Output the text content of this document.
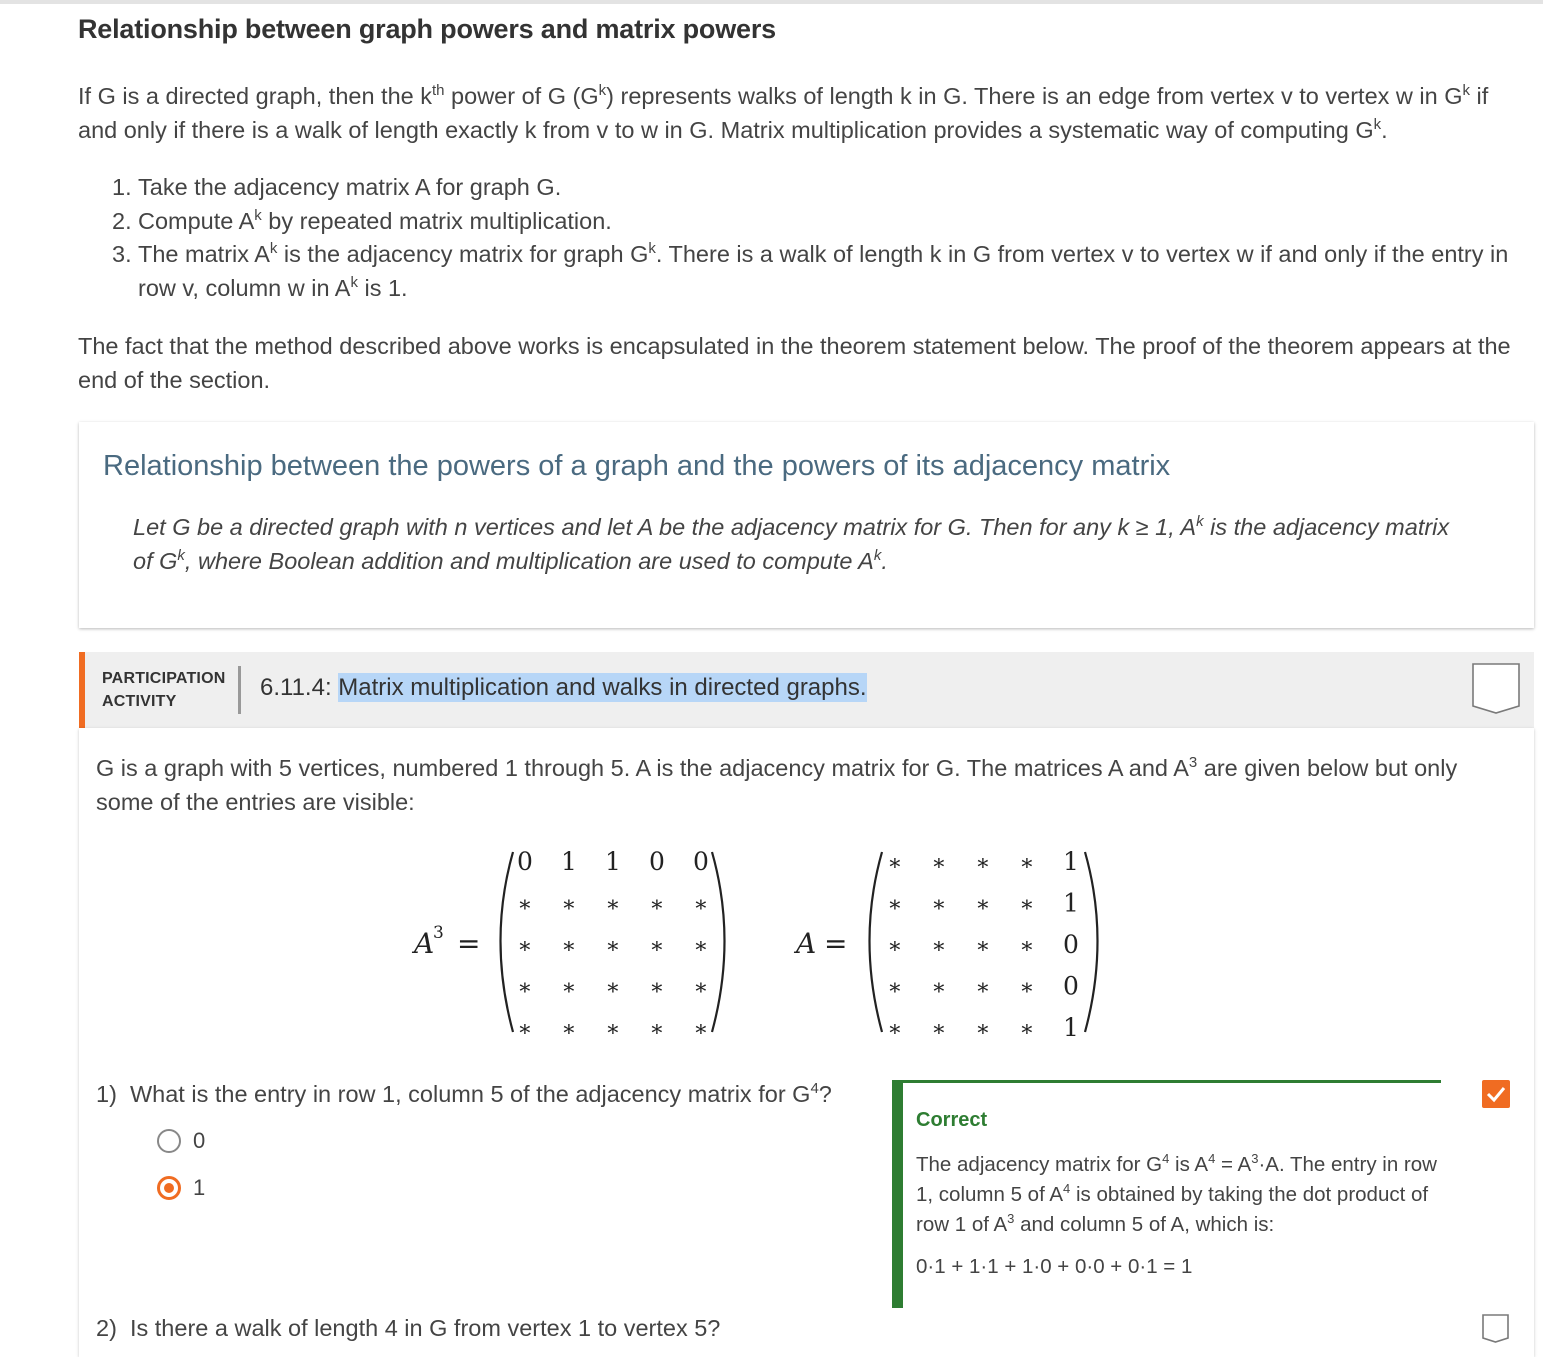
Relationship between graph powers and matrix powers
If G is a directed graph, then the $k^{th}$ power of G $(G^k)$ represents walks of length k in G. There is an edge from vertex v to vertex w in $G^k$ if and only if there is a walk of length exactly k from v to w in G. Matrix multiplication provides a systematic way of computing $G^k$.
1. Take the adjacency matrix A for graph G.
2. Compute $A^k$ by repeated matrix multiplication.
3. The matrix $A^k$ is the adjacency matrix for graph $G^k$. There is a walk of length k in G from vertex v to vertex w if and only if the entry in row v, column w in $A^k$ is 1.
The fact that the method described above works is encapsulated in the theorem statement below. The proof of the theorem appears at the end of the section.
Relationship between the powers of a graph and the powers of its adjacency matrix
Let G be a directed graph with n vertices and let A be the adjacency matrix for G. Then for any k ≥ 1, $A^k$ is the adjacency matrix of $G^k$, where Boolean addition and multiplication are used to compute $A^k$.
PARTICIPATION
ACTIVITY
6.11.4: Matrix multiplication and walks in directed graphs.
G is a graph with 5 vertices, numbered 1 through 5. A is the adjacency matrix for G. The matrices A and $A^3$ are given below but only some of the entries are visible:
A
3 =
0 1 1 0 0
∗ ∗ ∗ ∗ ∗
∗ ∗ ∗ ∗ ∗
∗ ∗ ∗ ∗ ∗
∗ ∗ ∗ ∗ ∗
A =
∗ ∗ ∗ ∗ 1
∗ ∗ ∗ ∗ 1
∗ ∗ ∗ ∗ 0
∗ ∗ ∗ ∗ 0
∗ ∗ ∗ ∗ 1
1) What is the entry in row 1, column 5 of the adjacency matrix for $G^4$?
0
1
Correct
The adjacency matrix for $G^4$ is $A^4 = A^3\cdot A$. The entry in row 1, column 5 of $A^4$ is obtained by taking the dot product of row 1 of $A^3$ and column 5 of A, which is:
0·1 + 1·1 + 1·0 + 0·0 + 0·1 = 1
2) Is there a walk of length 4 in G from vertex 1 to vertex 5?
